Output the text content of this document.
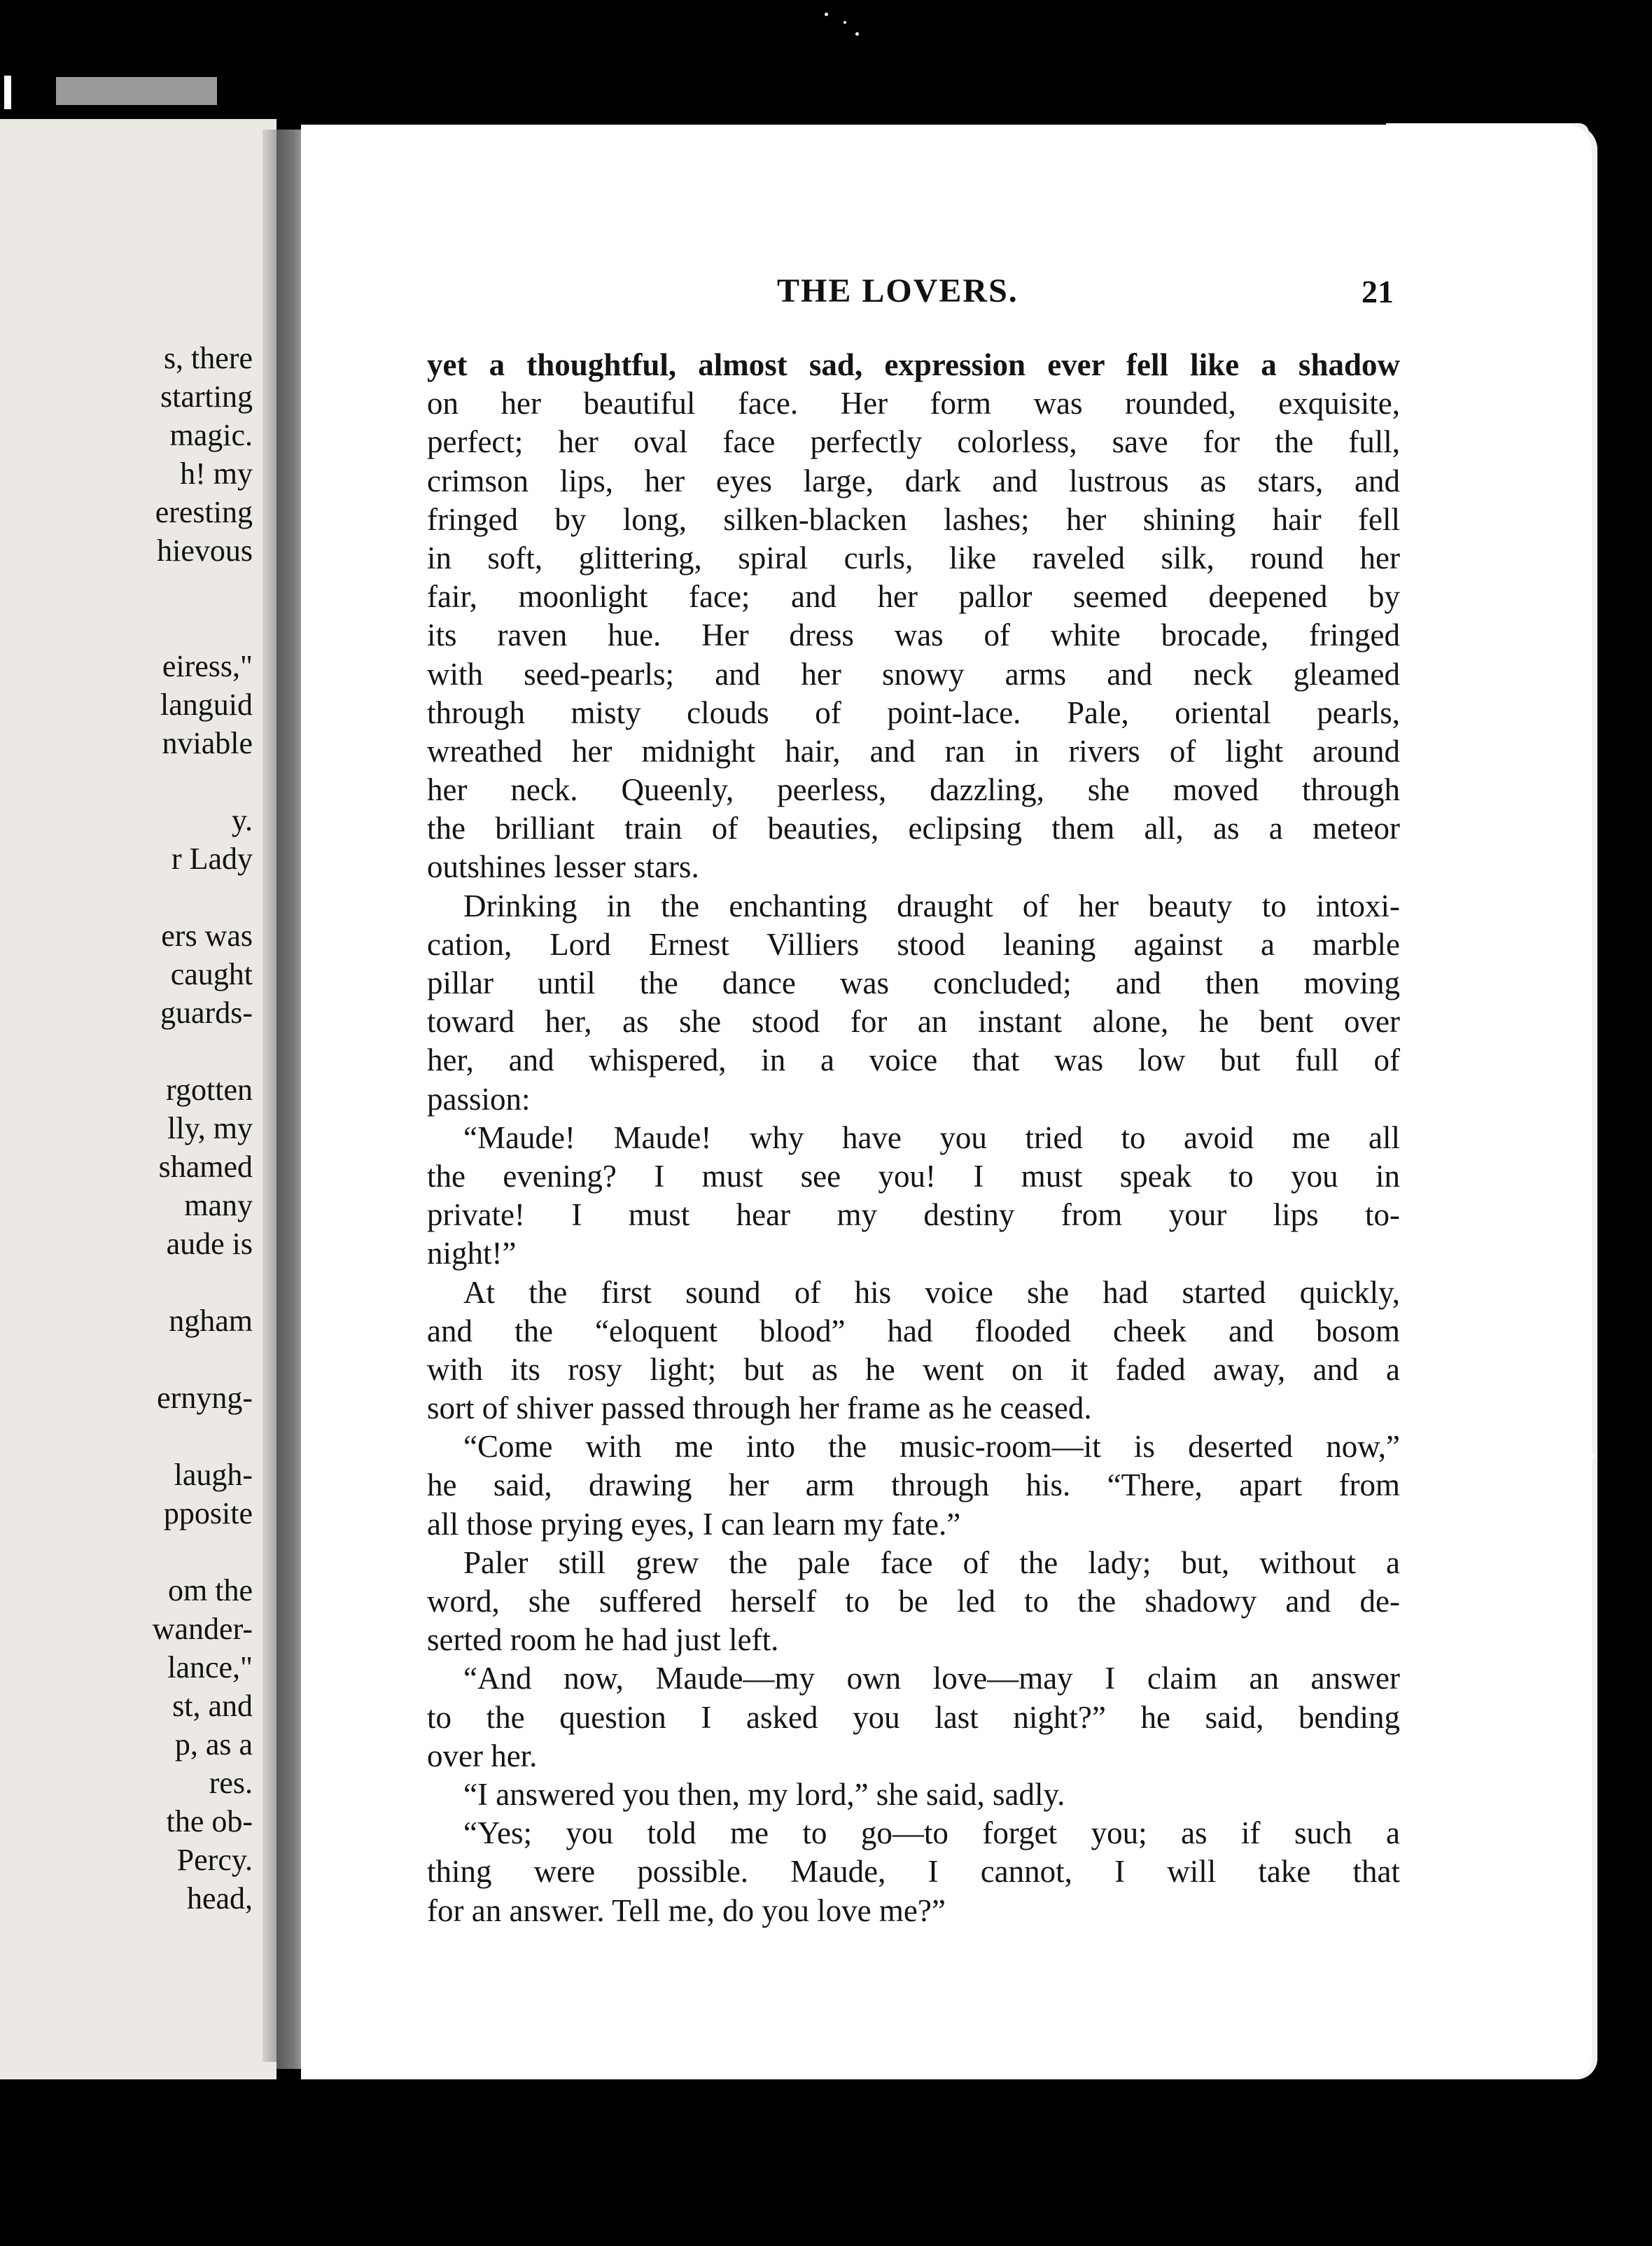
s, there
starting
magic.
h! my
eresting
hievous
eiress,"
languid
nviable
y.
r Lady
ers was
caught
guards-
rgotten
lly, my
shamed
many
aude is
ngham
ernyng-
laugh-
pposite
om the
wander-
lance,"
st, and
p, as a
res.
the ob-
Percy.
head,
THE LOVERS.	21
yet a thoughtful, almost sad, expression ever fell like a shadow
on her beautiful face. Her form was rounded, exquisite,
perfect; her oval face perfectly colorless, save for the full,
crimson lips, her eyes large, dark and lustrous as stars, and
fringed by long, silken-blacken lashes; her shining hair fell
in soft, glittering, spiral curls, like raveled silk, round her
fair, moonlight face; and her pallor seemed deepened by
its raven hue. Her dress was of white brocade, fringed
with seed-pearls; and her snowy arms and neck gleamed
through misty clouds of point-lace. Pale, oriental pearls,
wreathed her midnight hair, and ran in rivers of light around
her neck. Queenly, peerless, dazzling, she moved through
the brilliant train of beauties, eclipsing them all, as a meteor
outshines lesser stars.
Drinking in the enchanting draught of her beauty to intoxi-
cation, Lord Ernest Villiers stood leaning against a marble
pillar until the dance was concluded; and then moving
toward her, as she stood for an instant alone, he bent over
her, and whispered, in a voice that was low but full of
passion:
“Maude! Maude! why have you tried to avoid me all
the evening? I must see you! I must speak to you in
private! I must hear my destiny from your lips to-
night!”
At the first sound of his voice she had started quickly,
and the “eloquent blood” had flooded cheek and bosom
with its rosy light; but as he went on it faded away, and a
sort of shiver passed through her frame as he ceased.
“Come with me into the music-room—it is deserted now,”
he said, drawing her arm through his. “There, apart from
all those prying eyes, I can learn my fate.”
Paler still grew the pale face of the lady; but, without a
word, she suffered herself to be led to the shadowy and de-
serted room he had just left.
“And now, Maude—my own love—may I claim an answer
to the question I asked you last night?” he said, bending
over her.
“I answered you then, my lord,” she said, sadly.
“Yes; you told me to go—to forget you; as if such a
thing were possible. Maude, I cannot, I will take that
for an answer. Tell me, do you love me?”
